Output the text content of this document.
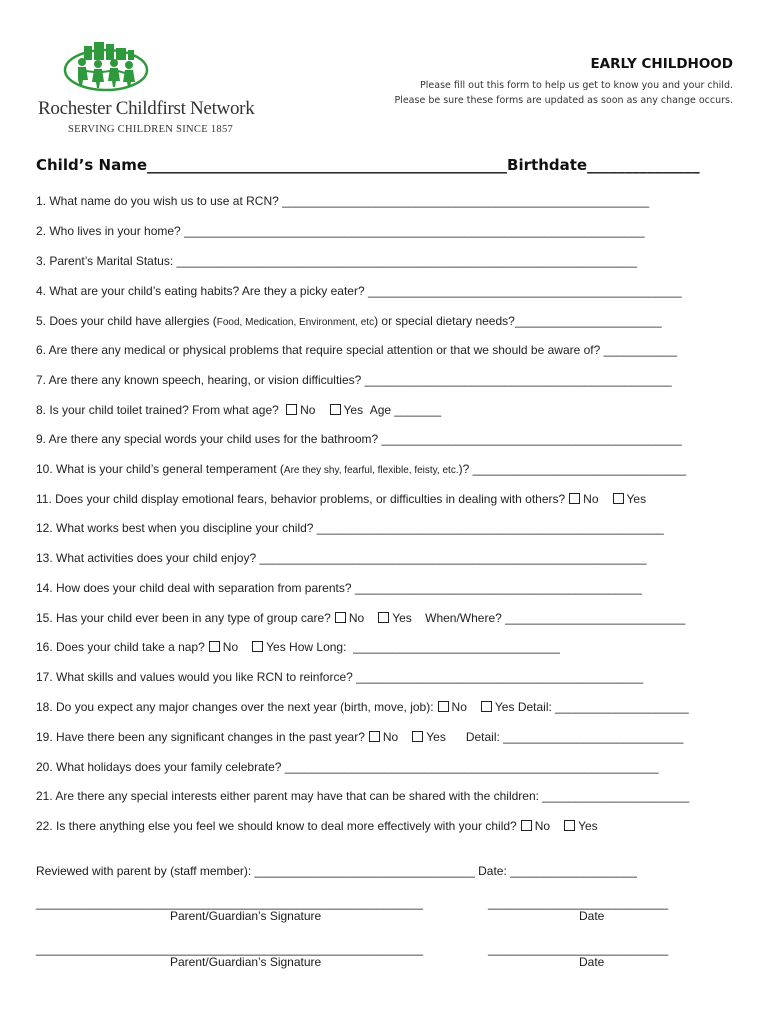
Rochester Childfirst Network
SERVING CHILDREN SINCE 1857
EARLY CHILDHOOD
Please fill out this form to help us get to know you and your child.
Please be sure these forms are updated as soon as any change occurs.
Child’s Name________________________________________________Birthdate_______________
1. What name do you wish us to use at RCN? _______________________________________________________
2. Who lives in your home? _____________________________________________________________________
3. Parent’s Marital Status: _____________________________________________________________________
4. What are your child’s eating habits? Are they a picky eater? _______________________________________________
5. Does your child have allergies (Food, Medication, Environment, etc) or special dietary needs?______________________
6. Are there any medical or physical problems that require special attention or that we should be aware of? ___________
7. Are there any known speech, hearing, or vision difficulties? ______________________________________________
8. Is your child toilet trained? From what age? No Yes Age _______
9. Are there any special words your child uses for the bathroom? _____________________________________________
10. What is your child’s general temperament (Are they shy, fearful, flexible, feisty, etc.)? ________________________________
11. Does your child display emotional fears, behavior problems, or difficulties in dealing with others? No Yes
12. What works best when you discipline your child? ____________________________________________________
13. What activities does your child enjoy? __________________________________________________________
14. How does your child deal with separation from parents? ___________________________________________
15. Has your child ever been in any type of group care? No Yes    When/Where? ___________________________
16. Does your child take a nap? No Yes How Long:  _______________________________
17. What skills and values would you like RCN to reinforce? ___________________________________________
18. Do you expect any major changes over the next year (birth, move, job): No Yes Detail: ____________________
19. Have there been any significant changes in the past year? No Yes      Detail: ___________________________
20. What holidays does your family celebrate? ________________________________________________________
21. Are there any special interests either parent may have that can be shared with the children: ______________________
22. Is there anything else you feel we should know to deal more effectively with your child? No Yes
Reviewed with parent by (staff member): _________________________________ Date: ___________________
__________________________________________________________	___________________________
Parent/Guardian’s Signature	Date
__________________________________________________________	___________________________
Parent/Guardian’s Signature	Date
